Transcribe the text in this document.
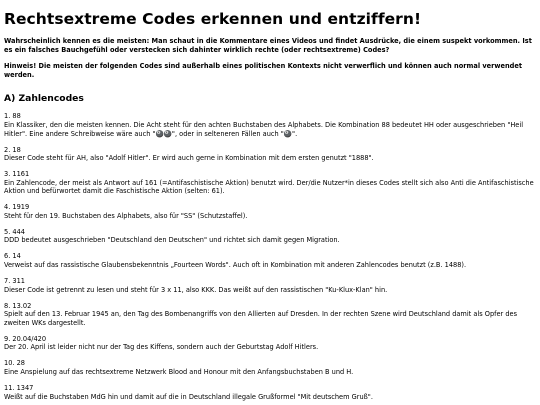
Rechtsextreme Codes erkennen und entziffern!

Wahrscheinlich kennen es die meisten: Man schaut in die Kommentare eines Videos und findet Ausdrücke, die einem suspekt vorkommen. Ist es ein falsches Bauchgefühl oder verstecken sich dahinter wirklich rechte (oder rechtsextreme) Codes?

Hinweis! Die meisten der folgenden Codes sind außerhalb eines politischen Kontexts nicht verwerflich und können auch normal verwendet werden.

A) Zahlencodes
1. 88
Ein Klassiker, den die meisten kennen. Die Acht steht für den achten Buchstaben des Alphabets. Die Kombination 88 bedeutet HH oder ausgeschrieben "Heil Hitler". Eine andere Schreibweise wäre auch "🎱🎱", oder in selteneren Fällen auch "🎱".
2. 18
Dieser Code steht für AH, also "Adolf Hitler". Er wird auch gerne in Kombination mit dem ersten genutzt "1888".
3. 1161
Ein Zahlencode, der meist als Antwort auf 161 (=Antifaschistische Aktion) benutzt wird. Der/die Nutzer*in dieses Codes stellt sich also Anti die Antifaschistische Aktion und befürwortet damit die Faschistische Aktion (selten: 61).
4. 1919
Steht für den 19. Buchstaben des Alphabets, also für "SS" (Schutzstaffel).
5. 444
DDD bedeutet ausgeschrieben "Deutschland den Deutschen" und richtet sich damit gegen Migration.
6. 14
Verweist auf das rassistische Glaubensbekenntnis „Fourteen Words". Auch oft in Kombination mit anderen Zahlencodes benutzt (z.B. 1488).
7. 311
Dieser Code ist getrennt zu lesen und steht für 3 x 11, also KKK. Das weißt auf den rassistischen "Ku-Klux-Klan" hin.
8. 13.02
Spielt auf den 13. Februar 1945 an, den Tag des Bombenangriffs von den Allierten auf Dresden. In der rechten Szene wird Deutschland damit als Opfer des zweiten WKs dargestellt.
9. 20.04/420
Der 20. April ist leider nicht nur der Tag des Kiffens, sondern auch der Geburtstag Adolf Hitlers.
10. 28
Eine Anspielung auf das rechtsextreme Netzwerk Blood and Honour mit den Anfangsbuchstaben B und H.
11. 1347
Weißt auf die Buchstaben MdG hin und damit auf die in Deutschland illegale Grußformel "Mit deutschem Gruß".
